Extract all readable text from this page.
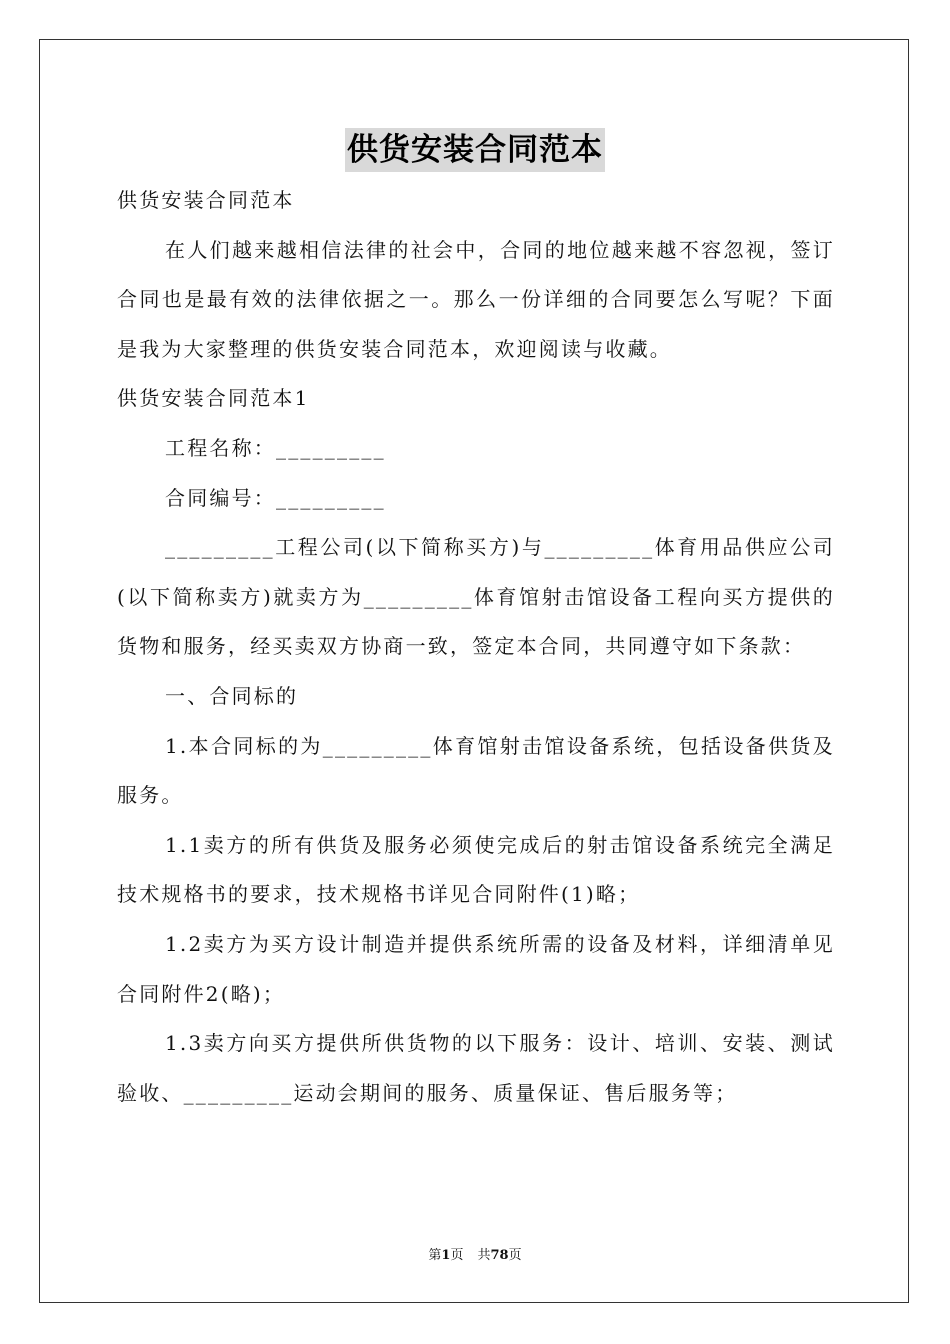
供货安装合同范本

供货安装合同范本

在人们越来越相信法律的社会中，合同的地位越来越不容忽视，签订合同也是最有效的法律依据之一。那么一份详细的合同要怎么写呢？下面是我为大家整理的供货安装合同范本，欢迎阅读与收藏。

供货安装合同范本1

工程名称：_________

合同编号：_________

_________工程公司(以下简称买方)与_________体育用品供应公司(以下简称卖方)就卖方为_________体育馆射击馆设备工程向买方提供的货物和服务，经买卖双方协商一致，签定本合同，共同遵守如下条款：

一、合同标的

1.本合同标的为_________体育馆射击馆设备系统，包括设备供货及服务。

1.1卖方的所有供货及服务必须使完成后的射击馆设备系统完全满足技术规格书的要求，技术规格书详见合同附件(1)略；

1.2卖方为买方设计制造并提供系统所需的设备及材料，详细清单见合同附件2(略)；

1.3卖方向买方提供所供货物的以下服务：设计、培训、安装、测试验收、_________运动会期间的服务、质量保证、售后服务等；

第1页 共78页
